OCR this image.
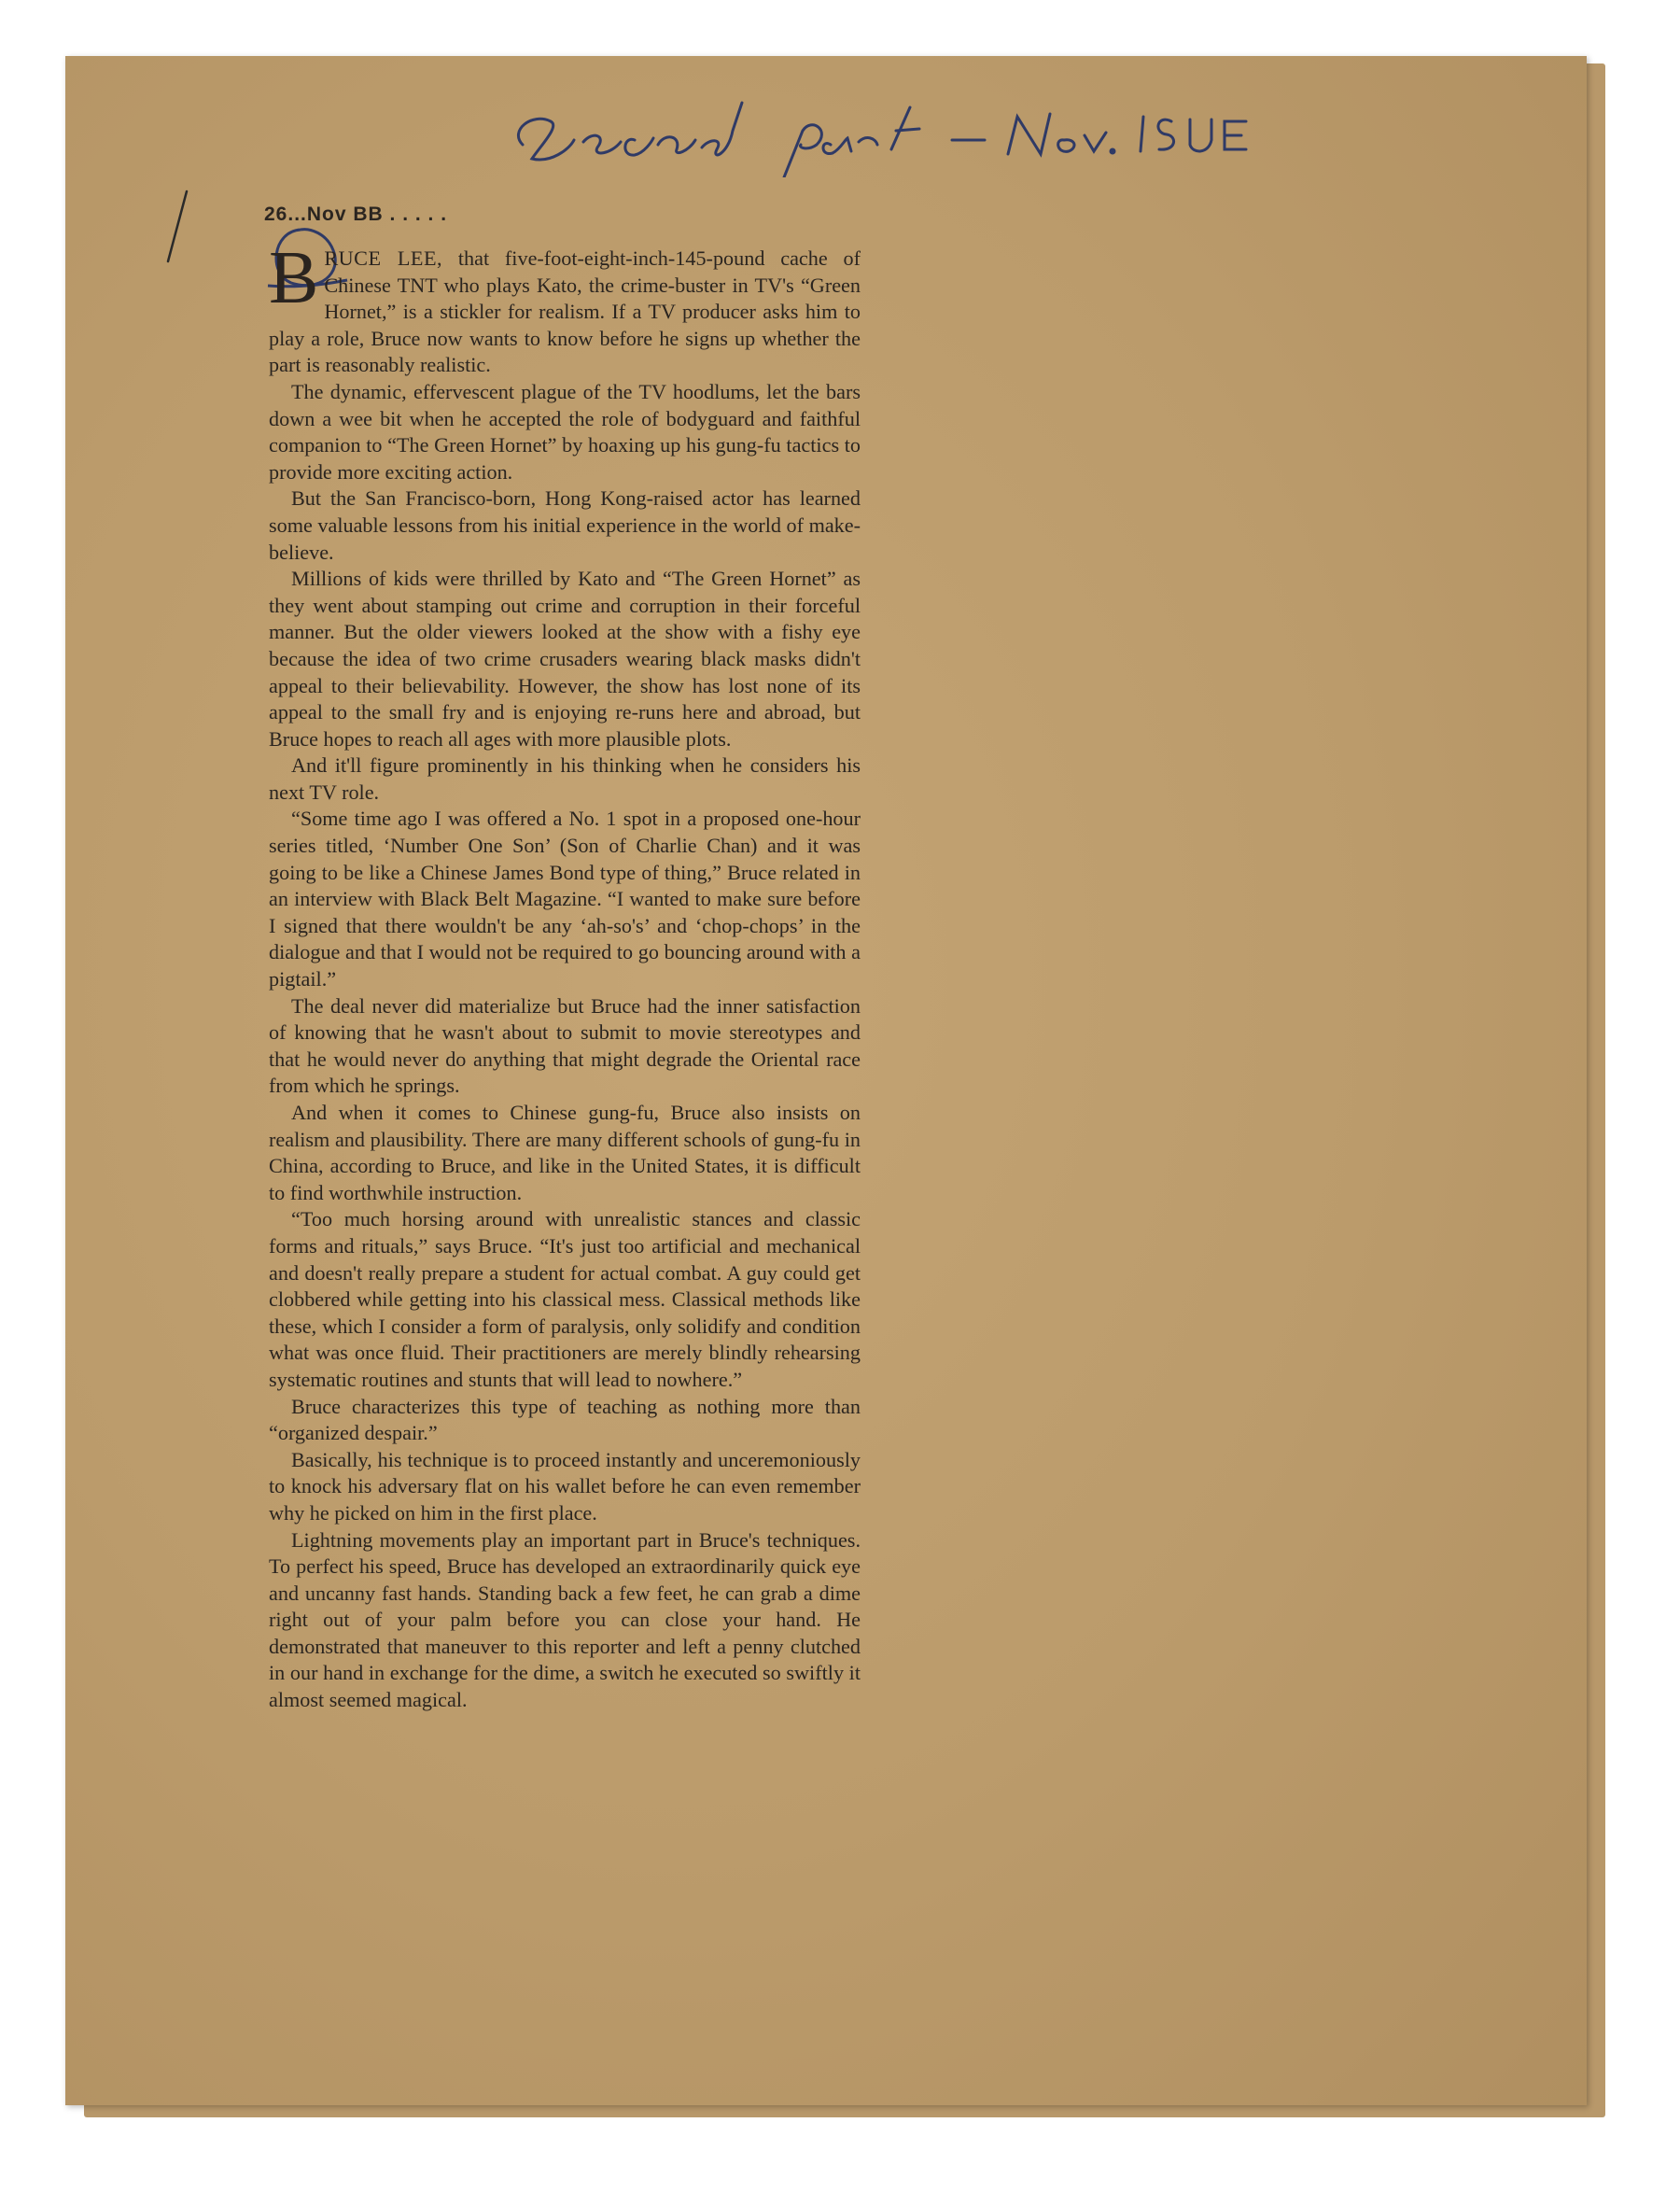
26...Nov BB . . . . .

BRUCE LEE, that five-foot-eight-inch-145-pound cache of Chinese TNT who plays Kato, the crime-buster in TV's “Green Hornet,” is a stickler for realism. If a TV producer asks him to play a role, Bruce now wants to know before he signs up whether the part is reasonably realistic.

The dynamic, effervescent plague of the TV hoodlums, let the bars down a wee bit when he accepted the role of bodyguard and faithful companion to “The Green Hornet” by hoaxing up his gung-fu tactics to provide more exciting action.

But the San Francisco-born, Hong Kong-raised actor has learned some valuable lessons from his initial experience in the world of make-believe.

Millions of kids were thrilled by Kato and “The Green Hornet” as they went about stamping out crime and corruption in their forceful manner. But the older viewers looked at the show with a fishy eye because the idea of two crime crusaders wearing black masks didn't appeal to their believability. However, the show has lost none of its appeal to the small fry and is enjoying re-runs here and abroad, but Bruce hopes to reach all ages with more plausible plots.

And it'll figure prominently in his thinking when he considers his next TV role.

“Some time ago I was offered a No. 1 spot in a proposed one-hour series titled, ‘Number One Son’ (Son of Charlie Chan) and it was going to be like a Chinese James Bond type of thing,” Bruce related in an interview with Black Belt Magazine. “I wanted to make sure before I signed that there wouldn't be any ‘ah-so's’ and ‘chop-chops’ in the dialogue and that I would not be required to go bouncing around with a pigtail.”

The deal never did materialize but Bruce had the inner satisfaction of knowing that he wasn't about to submit to movie stereotypes and that he would never do anything that might degrade the Oriental race from which he springs.

And when it comes to Chinese gung-fu, Bruce also insists on realism and plausibility. There are many different schools of gung-fu in China, according to Bruce, and like in the United States, it is difficult to find worthwhile instruction.

“Too much horsing around with unrealistic stances and classic forms and rituals,” says Bruce. “It's just too artificial and mechanical and doesn't really prepare a student for actual combat. A guy could get clobbered while getting into his classical mess. Classical methods like these, which I consider a form of paralysis, only solidify and condition what was once fluid. Their practitioners are merely blindly rehearsing systematic routines and stunts that will lead to nowhere.”

Bruce characterizes this type of teaching as nothing more than “organized despair.”

Basically, his technique is to proceed instantly and unceremoniously to knock his adversary flat on his wallet before he can even remember why he picked on him in the first place.

Lightning movements play an important part in Bruce's techniques. To perfect his speed, Bruce has developed an extraordinarily quick eye and uncanny fast hands. Standing back a few feet, he can grab a dime right out of your palm before you can close your hand. He demonstrated that maneuver to this reporter and left a penny clutched in our hand in exchange for the dime, a switch he executed so swiftly it almost seemed magical.
